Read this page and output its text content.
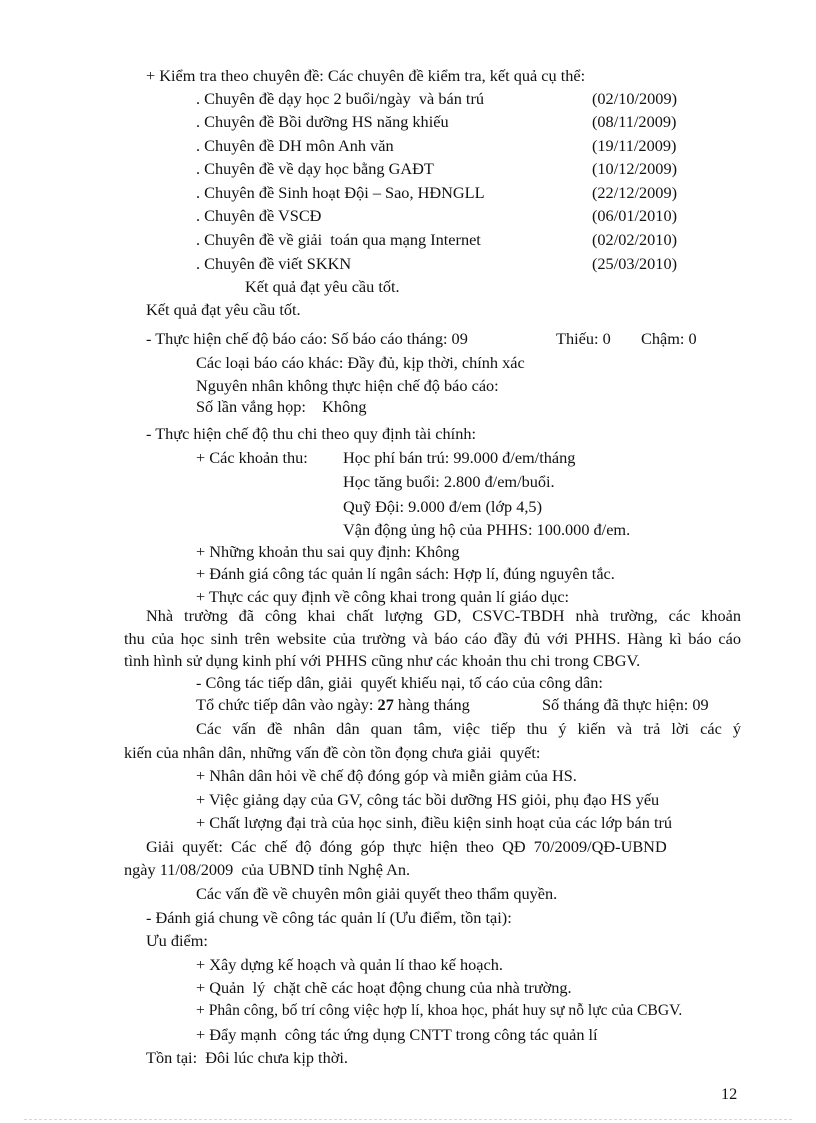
+ Kiểm tra theo chuyên đề: Các chuyên đề kiểm tra, kết quả cụ thể:
. Chuyên đề dạy học 2 buổi/ngày  và bán trú	(02/10/2009)
. Chuyên đề Bồi dưỡng HS năng khiếu	(08/11/2009)
. Chuyên đề DH môn Anh văn	(19/11/2009)
. Chuyên đề về dạy học bằng GAĐT	(10/12/2009)
. Chuyên đề Sinh hoạt Đội – Sao, HĐNGLL	(22/12/2009)
. Chuyên đề VSCĐ	(06/01/2010)
. Chuyên đề về giải  toán qua mạng Internet	(02/02/2010)
. Chuyên đề viết SKKN	(25/03/2010)
Kết quả đạt yêu cầu tốt.
Kết quả đạt yêu cầu tốt.
- Thực hiện chế độ báo cáo: Số báo cáo tháng: 09	Thiếu: 0 Chậm: 0
Các loại báo cáo khác: Đầy đủ, kịp thời, chính xác
Nguyên nhân không thực hiện chế độ báo cáo:
Số lần vắng họp:    Không
- Thực hiện chế độ thu chi theo quy định tài chính:
+ Các khoản thu: Học phí bán trú: 99.000 đ/em/tháng
Học tăng buổi: 2.800 đ/em/buổi.
Quỹ Đội: 9.000 đ/em (lớp 4,5)
Vận động ủng hộ của PHHS: 100.000 đ/em.
+ Những khoản thu sai quy định: Không
+ Đánh giá công tác quản lí ngân sách: Hợp lí, đúng nguyên tắc.
+ Thực các quy định về công khai trong quản lí giáo dục:
Nhà trường đã công khai chất lượng GD, CSVC-TBDH nhà trường, các khoản
thu của học sinh trên website của trường và báo cáo đầy đủ với PHHS. Hàng kì báo cáo
tình hình sử dụng kinh phí với PHHS cũng như các khoản thu chi trong CBGV.
- Công tác tiếp dân, giải  quyết khiếu nại, tố cáo của công dân:
Tổ chức tiếp dân vào ngày: 27 hàng tháng	Số tháng đã thực hiện: 09
Các vấn đề nhân dân quan tâm, việc tiếp thu ý kiến và trả lời các ý
kiến của nhân dân, những vấn đề còn tồn đọng chưa giải  quyết:
+ Nhân dân hỏi về chế độ đóng góp và miễn giảm của HS.
+ Việc giảng dạy của GV, công tác bồi dưỡng HS giỏi, phụ đạo HS yếu
+ Chất lượng đại trà của học sinh, điều kiện sinh hoạt của các lớp bán trú
Giải  quyết:  Các  chế  độ  đóng  góp  thực  hiện  theo  QĐ  70/2009/QĐ-UBND
ngày 11/08/2009  của UBND tỉnh Nghệ An.
Các vấn đề về chuyên môn giải quyết theo thẩm quyền.
- Đánh giá chung về công tác quản lí (Ưu điểm, tồn tại):
Ưu điểm:
+ Xây dựng kế hoạch và quản lí thao kế hoạch.
+ Quản  lý  chặt chẽ các hoạt động chung của nhà trường.
+ Phân công, bố trí công việc hợp lí, khoa học, phát huy sự nỗ lực của CBGV.
+ Đẩy mạnh  công tác ứng dụng CNTT trong công tác quản lí
Tồn tại:  Đôi lúc chưa kịp thời.
12
